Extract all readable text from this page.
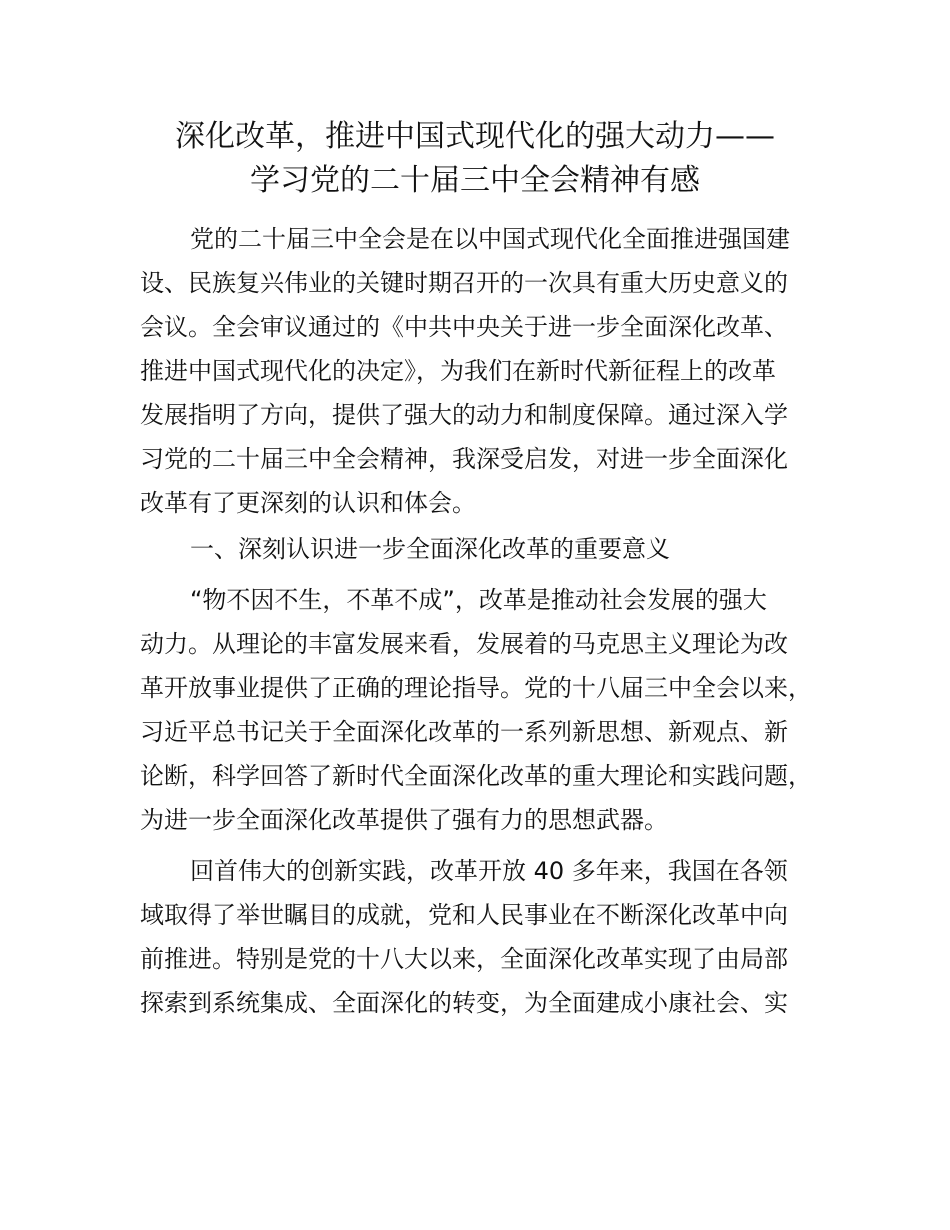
深化改革，推进中国式现代化的强大动力——
学习党的二十届三中全会精神有感

党的二十届三中全会是在以中国式现代化全面推进强国建

设、民族复兴伟业的关键时期召开的一次具有重大历史意义的

会议。全会审议通过的《中共中央关于进一步全面深化改革、

推进中国式现代化的决定》，为我们在新时代新征程上的改革

发展指明了方向，提供了强大的动力和制度保障。通过深入学

习党的二十届三中全会精神，我深受启发，对进一步全面深化

改革有了更深刻的认识和体会。

一、深刻认识进一步全面深化改革的重要意义

“物不因不生，不革不成”，改革是推动社会发展的强大

动力。从理论的丰富发展来看，发展着的马克思主义理论为改

革开放事业提供了正确的理论指导。党的十八届三中全会以来，

习近平总书记关于全面深化改革的一系列新思想、新观点、新

论断，科学回答了新时代全面深化改革的重大理论和实践问题，

为进一步全面深化改革提供了强有力的思想武器。

回首伟大的创新实践，改革开放 40 多年来，我国在各领

域取得了举世瞩目的成就，党和人民事业在不断深化改革中向

前推进。特别是党的十八大以来，全面深化改革实现了由局部

探索到系统集成、全面深化的转变，为全面建成小康社会、实
